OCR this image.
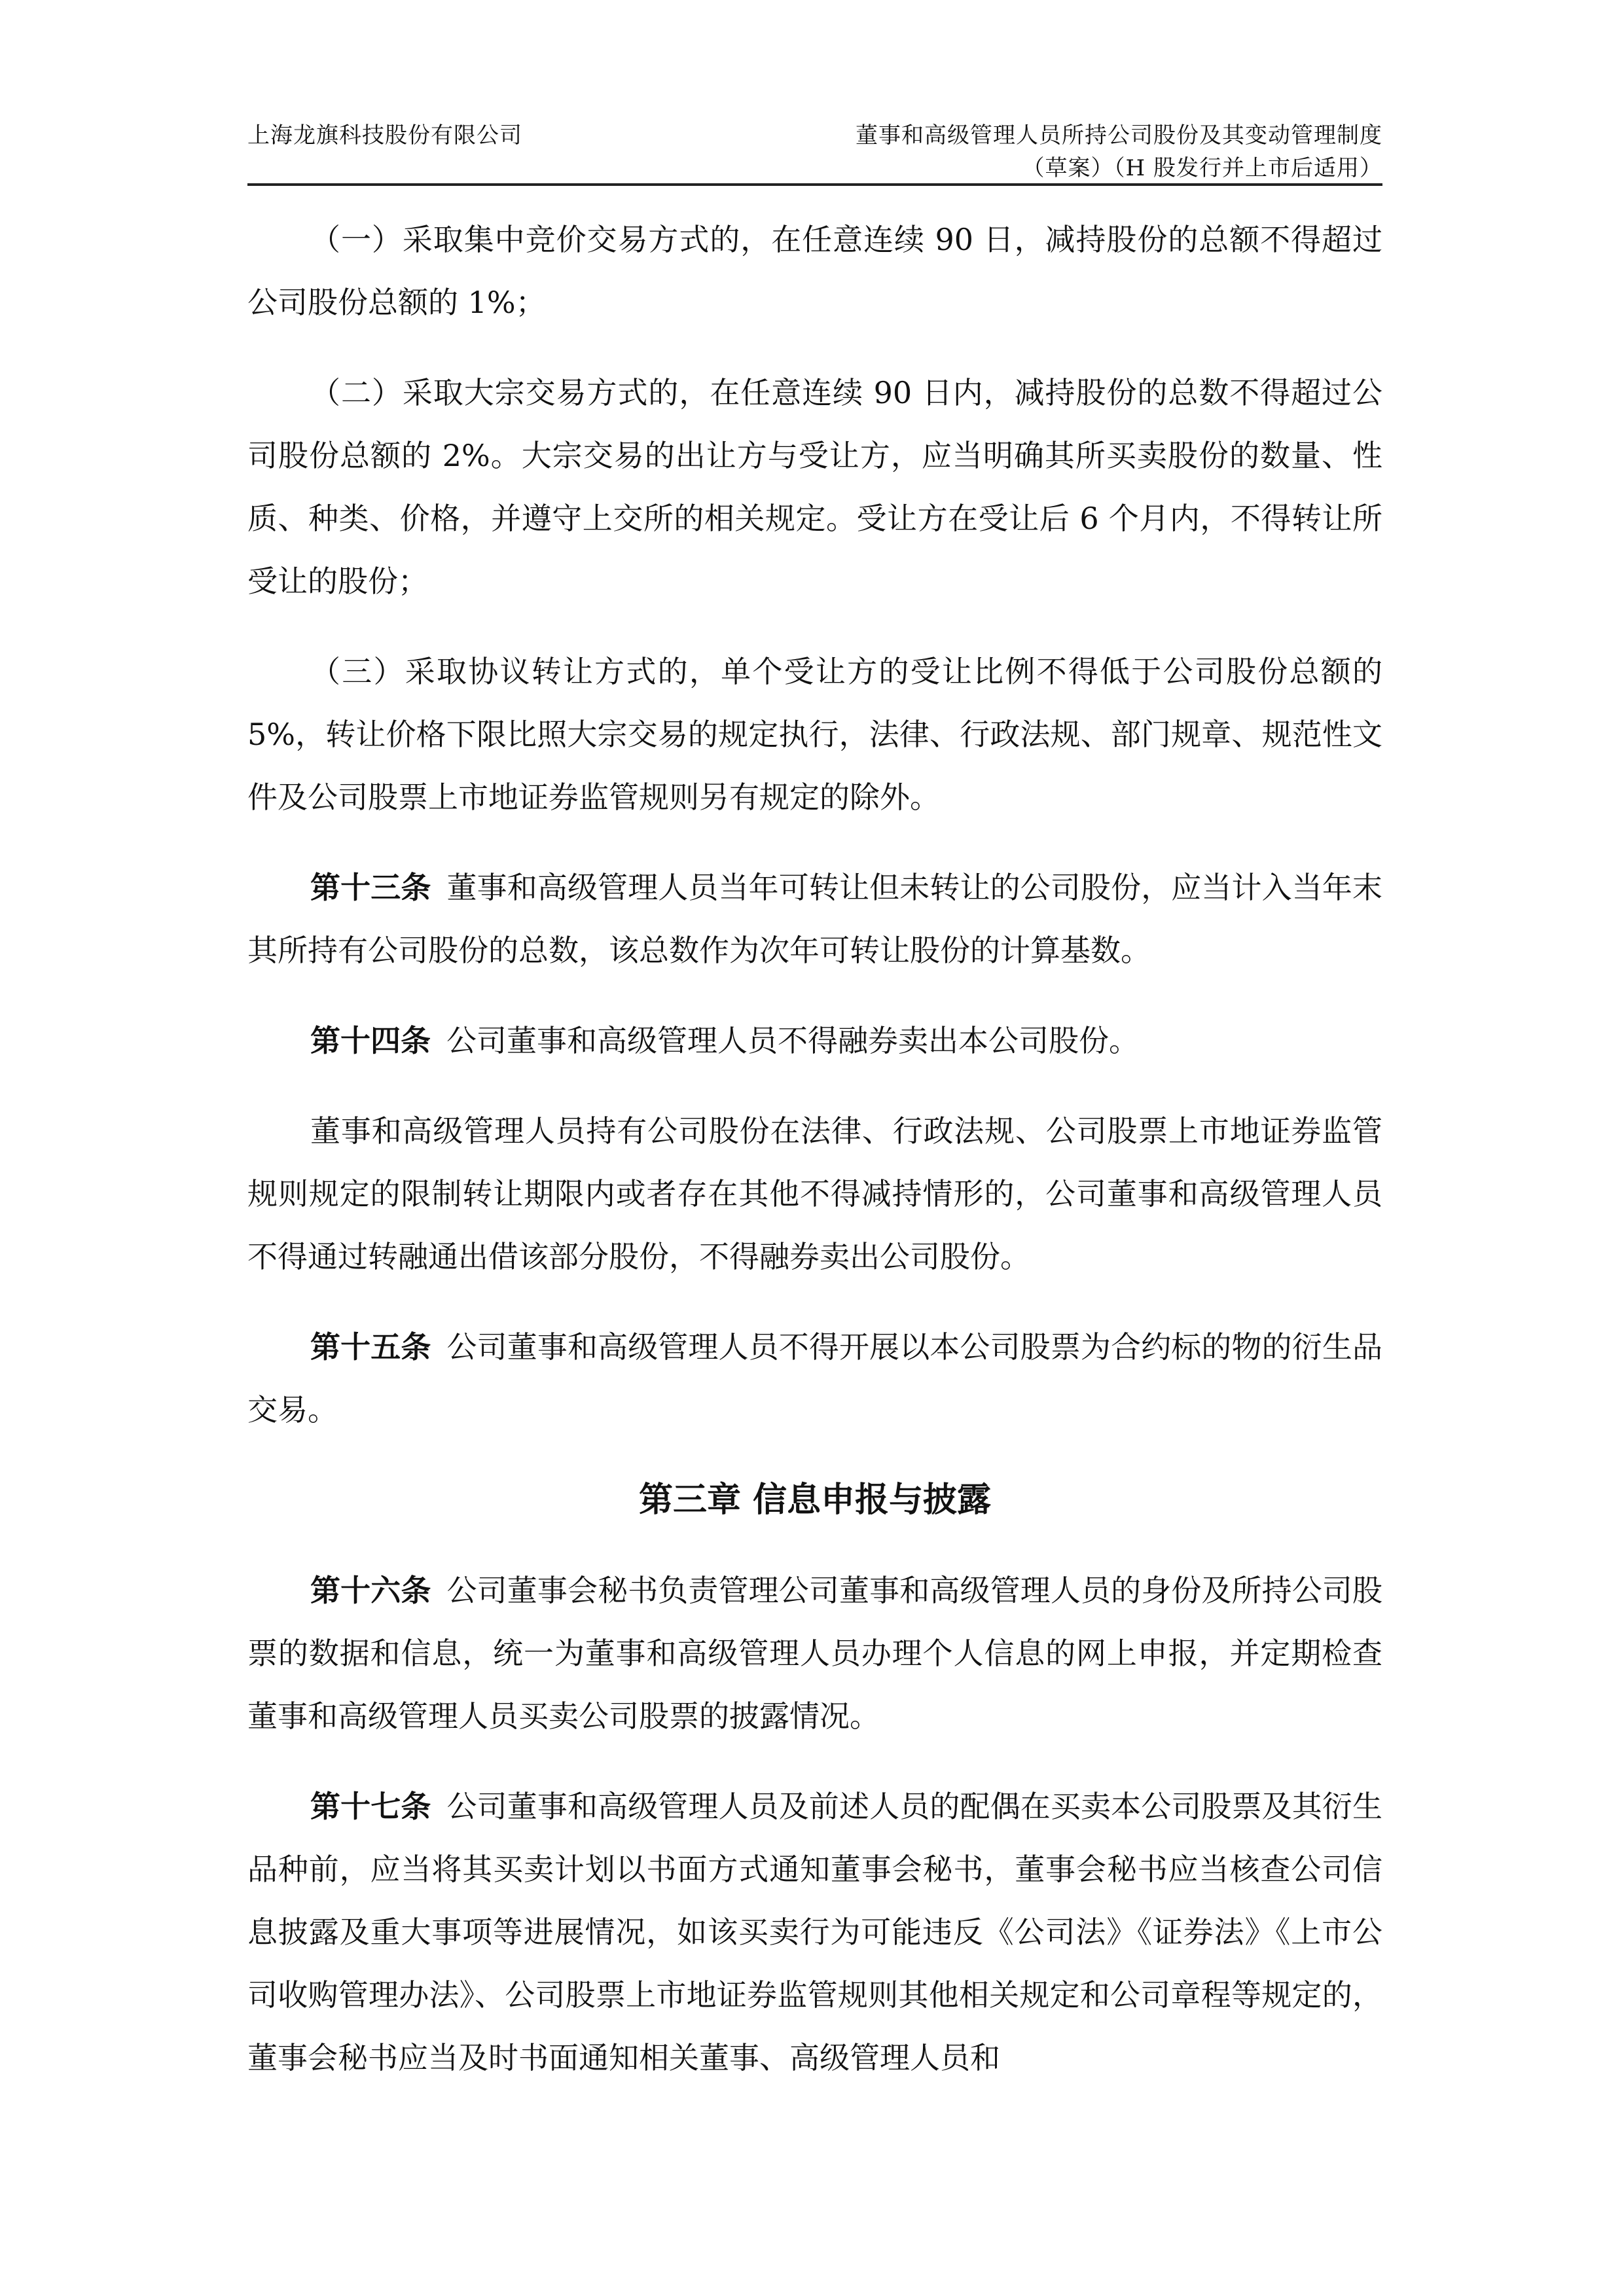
上海龙旗科技股份有限公司	董事和高级管理人员所持公司股份及其变动管理制度
（草案）（H 股发行并上市后适用）

（一）采取集中竞价交易方式的，在任意连续 90 日，减持股份的总额不得超过公司股份总额的 1%；

（二）采取大宗交易方式的，在任意连续 90 日内，减持股份的总数不得超过公司股份总额的 2%。大宗交易的出让方与受让方，应当明确其所买卖股份的数量、性质、种类、价格，并遵守上交所的相关规定。受让方在受让后 6 个月内，不得转让所受让的股份；

（三）采取协议转让方式的，单个受让方的受让比例不得低于公司股份总额的 5%，转让价格下限比照大宗交易的规定执行，法律、行政法规、部门规章、规范性文件及公司股票上市地证券监管规则另有规定的除外。

第十三条 董事和高级管理人员当年可转让但未转让的公司股份，应当计入当年末其所持有公司股份的总数，该总数作为次年可转让股份的计算基数。

第十四条 公司董事和高级管理人员不得融券卖出本公司股份。

董事和高级管理人员持有公司股份在法律、行政法规、公司股票上市地证券监管规则规定的限制转让期限内或者存在其他不得减持情形的，公司董事和高级管理人员不得通过转融通出借该部分股份，不得融券卖出公司股份。

第十五条 公司董事和高级管理人员不得开展以本公司股票为合约标的物的衍生品交易。

第三章 信息申报与披露

第十六条 公司董事会秘书负责管理公司董事和高级管理人员的身份及所持公司股票的数据和信息，统一为董事和高级管理人员办理个人信息的网上申报，并定期检查董事和高级管理人员买卖公司股票的披露情况。

第十七条 公司董事和高级管理人员及前述人员的配偶在买卖本公司股票及其衍生品种前，应当将其买卖计划以书面方式通知董事会秘书，董事会秘书应当核查公司信息披露及重大事项等进展情况，如该买卖行为可能违反《公司法》《证券法》《上市公司收购管理办法》、公司股票上市地证券监管规则其他相关规定和公司章程等规定的，董事会秘书应当及时书面通知相关董事、高级管理人员和
